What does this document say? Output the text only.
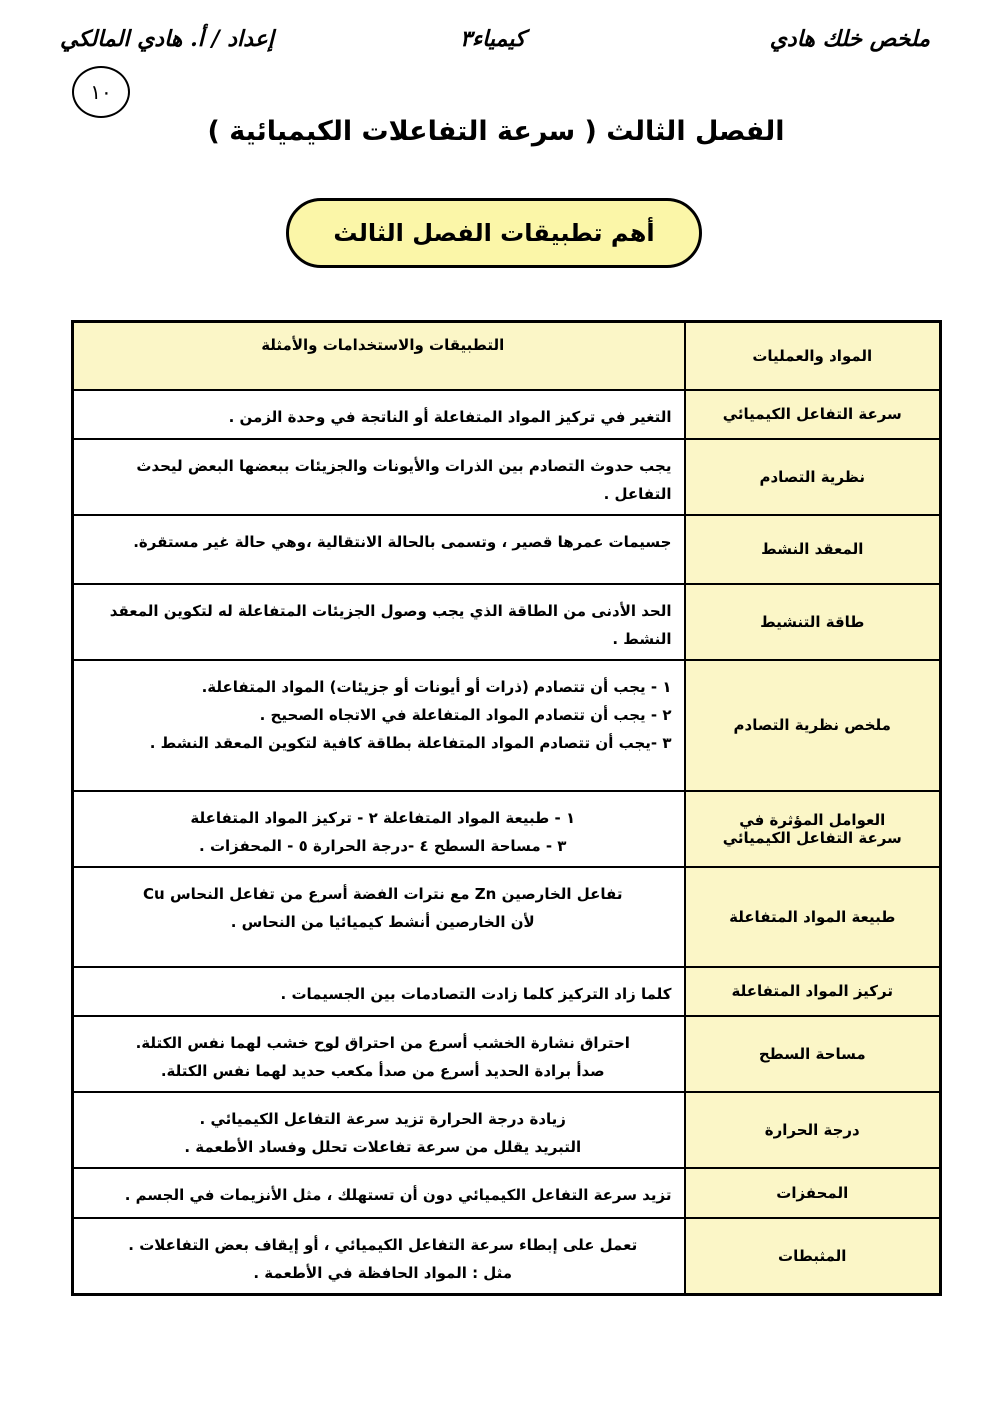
ملخص خلك هادي
كيمياء٣
إعداد / أ. هادي المالكي
١٠
الفصل الثالث ( سرعة التفاعلات الكيميائية )
أهم تطبيقات الفصل الثالث
المواد والعمليات	التطبيقات والاستخدامات والأمثلة
سرعة التفاعل الكيميائي	التغير في تركيز المواد المتفاعلة أو الناتجة في وحدة الزمن .

نظرية التصادم	يجب حدوث التصادم بين الذرات والأيونات والجزيئات ببعضها البعض ليحدث
التفاعل .

المعقد النشط	جسيمات عمرها قصير ، وتسمى بالحالة الانتقالية ،وهي حالة غير مستقرة.

طاقة التنشيط	الحد الأدنى من الطاقة الذي يجب وصول الجزيئات المتفاعلة له لتكوين المعقد النشط .

ملخص نظرية التصادم	١ - يجب أن تتصادم (ذرات أو أيونات أو جزيئات) المواد المتفاعلة.
٢ - يجب أن تتصادم المواد المتفاعلة في الاتجاه الصحيح .
٣ -يجب أن تتصادم المواد المتفاعلة بطاقة كافية لتكوين المعقد النشط .

العوامل المؤثرة في
سرعة التفاعل الكيميائي	١ - طبيعة المواد المتفاعلة ٢ - تركيز المواد المتفاعلة
٣ - مساحة السطح ٤ -درجة الحرارة ٥ - المحفزات .

طبيعة المواد المتفاعلة	تفاعل الخارصين Zn مع نترات الفضة أسرع من تفاعل النحاس Cu
لأن الخارصين أنشط كيميائيا من النحاس .

تركيز المواد المتفاعلة	كلما زاد التركيز كلما زادت التصادمات بين الجسيمات .

مساحة السطح	احتراق نشارة الخشب أسرع من احتراق لوح خشب لهما نفس الكتلة.
صدأ برادة الحديد أسرع من صدأ مكعب حديد لهما نفس الكتلة.

درجة الحرارة	زيادة درجة الحرارة تزيد سرعة التفاعل الكيميائي .
التبريد يقلل من سرعة تفاعلات تحلل وفساد الأطعمة .

المحفزات	تزيد سرعة التفاعل الكيميائي دون أن تستهلك ، مثل الأنزيمات في الجسم .

المثبطات	تعمل على إبطاء سرعة التفاعل الكيميائي ، أو إيقاف بعض التفاعلات .
مثل : المواد الحافظة في الأطعمة .
